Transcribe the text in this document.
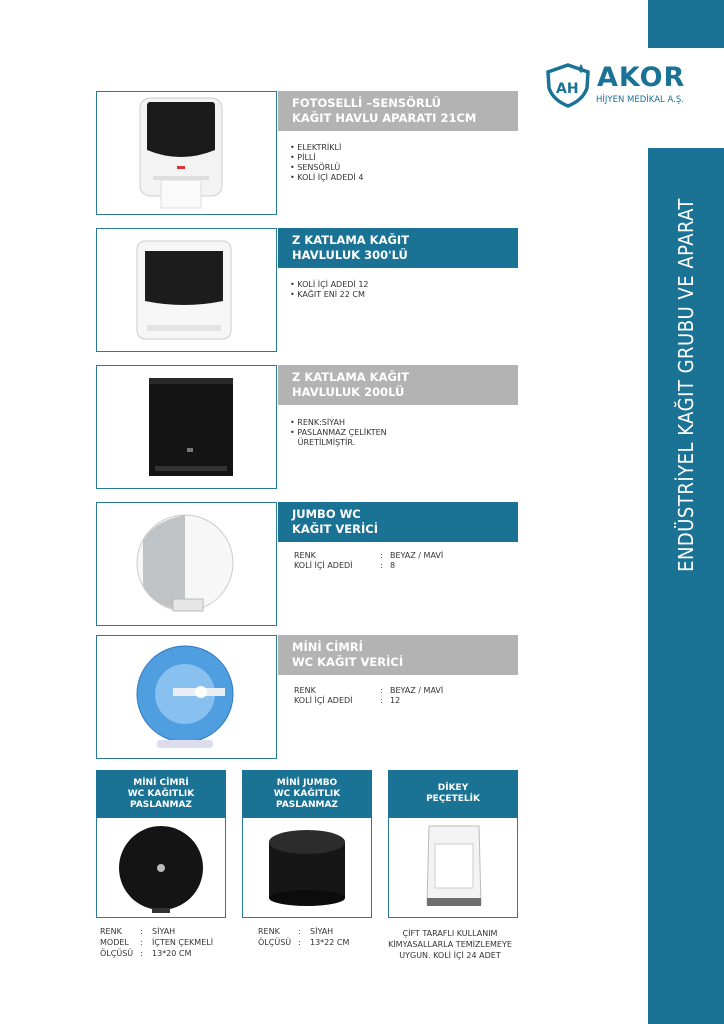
ENDÜSTRİYEL KAĞIT GRUBU VE APARAT
AH AKOR
HİJYEN MEDİKAL A.Ş.
FOTOSELLİ –SENSÖRLÜ
KAĞIT HAVLU APARATI 21CM
• ELEKTRİKLİ
• PİLLİ
• SENSÖRLÜ
• KOLİ İÇİ ADEDİ 4
Z KATLAMA KAĞIT
HAVLULUK 300'LÜ
• KOLİ İÇİ ADEDİ 12
• KAĞIT ENİ 22 CM
Z KATLAMA KAĞIT
HAVLULUK 200LÜ
• RENK:SİYAH
• PASLANMAZ ÇELİKTEN
ÜRETİLMİŞTİR.
JUMBO WC
KAĞIT VERİCİ
RENK	: BEYAZ / MAVİ
KOLİ İÇİ ADEDİ	: 8
MİNİ CİMRİ
WC KAĞIT VERİCİ
RENK	: BEYAZ / MAVİ
KOLİ İÇİ ADEDİ	: 12
MİNİ CİMRİ
WC KAĞITLIK
PASLANMAZ
RENK	:	SİYAH
MODEL	:	İÇTEN ÇEKMELİ
ÖLÇÜSÜ :	13*20 CM
MİNİ JUMBO
WC KAĞITLIK
PASLANMAZ
RENK	:	SİYAH
ÖLÇÜSÜ :	13*22 CM
DİKEY
PEÇETELİK
ÇİFT TARAFLI KULLANIM
KİMYASALLARLA TEMİZLEMEYE
UYGUN. KOLİ İÇİ 24 ADET
